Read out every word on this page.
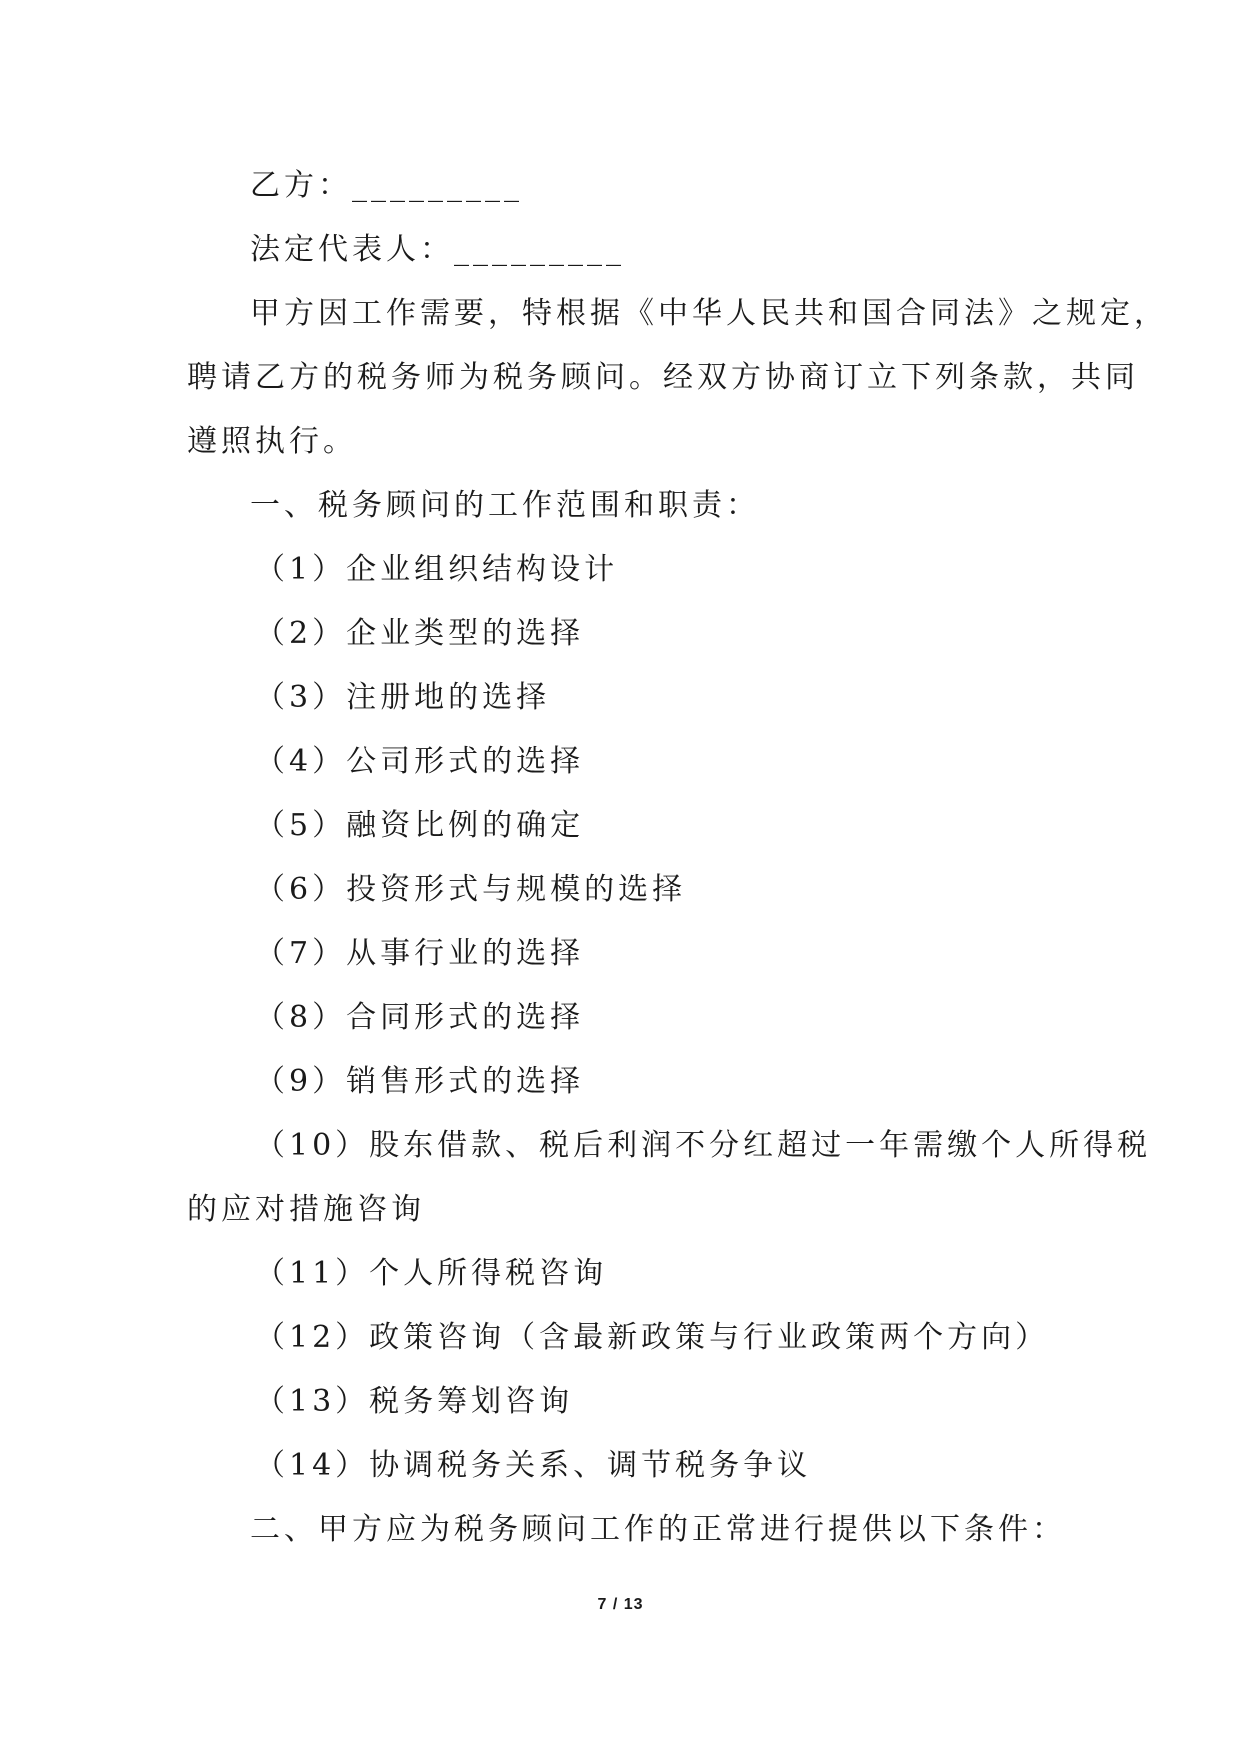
乙方：_________
法定代表人：_________
甲方因工作需要，特根据《中华人民共和国合同法》之规定，
聘请乙方的税务师为税务顾问。经双方协商订立下列条款，共同
遵照执行。
一、税务顾问的工作范围和职责：
（1）企业组织结构设计
（2）企业类型的选择
（3）注册地的选择
（4）公司形式的选择
（5）融资比例的确定
（6）投资形式与规模的选择
（7）从事行业的选择
（8）合同形式的选择
（9）销售形式的选择
（10）股东借款、税后利润不分红超过一年需缴个人所得税
的应对措施咨询
（11）个人所得税咨询
（12）政策咨询（含最新政策与行业政策两个方向）
（13）税务筹划咨询
（14）协调税务关系、调节税务争议
二、甲方应为税务顾问工作的正常进行提供以下条件：
7 / 13
